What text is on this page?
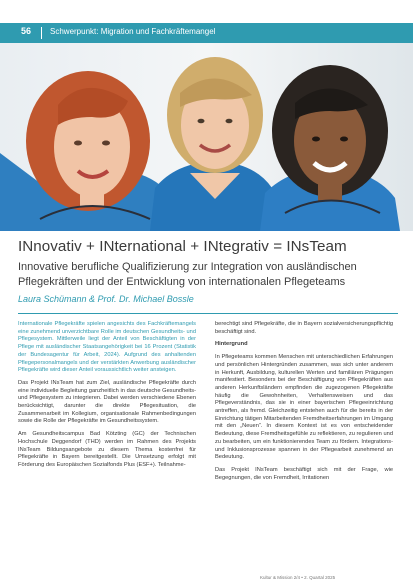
56 Schwerpunkt: Migration und Fachkräftemangel
INnovativ + INternational + INtegrativ = INsTeam
Innovative berufliche Qualifizierung zur Integration von ausländischen
Pflegekräften und der Entwicklung von internationalen Pflegeteams
Laura Schümann & Prof. Dr. Michael Bossle

Internationale Pflegekräfte spielen angesichts des Fachkräftemangels eine zunehmend unverzichtbare Rolle im deutschen Gesundheits- und Pflegesystem. Mittlerweile liegt der Anteil von Beschäftigten in der Pflege mit ausländischer Staatsangehörigkeit bei 16 Prozent (Statistik der Bundesagentur für Arbeit, 2024). Aufgrund des anhaltenden Pflegepersonalmangels und der verstärkten Anwerbung ausländischer Pflegekräfte wird dieser Anteil voraussichtlich weiter ansteigen.

Das Projekt INsTeam hat zum Ziel, ausländische Pflegekräfte durch eine individuelle Begleitung ganzheitlich in das deutsche Gesundheits- und Pflegesystem zu integrieren. Dabei werden verschiedene Ebenen berücksichtigt, darunter die direkte Pflegesituation, die Zusammenarbeit im Kollegium, organisationale Rahmenbedingungen sowie die Rolle der Pflegekräfte im Gesundheitssystem.

Am Gesundheitscampus Bad Kötzting (GC) der Technischen Hochschule Deggendorf (THD) werden im Rahmen des Projekts INsTeam Bildungsangebote zu diesem Thema kostenfrei für Pflegekräfte in Bayern bereitgestellt. Die Umsetzung erfolgt mit Förderung des Europäischen Sozialfonds Plus (ESF+). Teilnahme-

berechtigt sind Pflegekräfte, die in Bayern sozialversicherungspflichtig beschäftigt sind.

Hintergrund

In Pflegeteams kommen Menschen mit unterschiedlichen Erfahrungen und persönlichen Hintergründen zusammen, was sich unter anderem in Herkunft, Ausbildung, kulturellen Werten und familiären Prägungen manifestiert. Besonders bei der Beschäftigung von Pflegekräften aus anderen Herkunftsländern empfinden die zugezogenen Pflegekräfte häufig die Gewohnheiten, Verhaltensweisen und das Pflegeverständnis, das sie in einer bayerischen Pflegeeinrichtung antreffen, als fremd. Gleichzeitig entstehen auch für die bereits in der Einrichtung tätigen Mitarbeitenden Fremdheitserfahrungen im Umgang mit den „Neuen“. In diesem Kontext ist es von entscheidender Bedeutung, diese Fremdheitsgefühle zu reflektieren, zu regulieren und zu bearbeiten, um ein funktionierendes Team zu fördern. Integrations- und Inklusionsprozesse spannen in der Pflegearbeit zunehmend an Bedeutung.

Das Projekt INsTeam beschäftigt sich mit der Frage, wie Begegnungen, die von Fremdheit, Irritationen

Kultur & Mission 2/4 • 2. Quartal 2025
